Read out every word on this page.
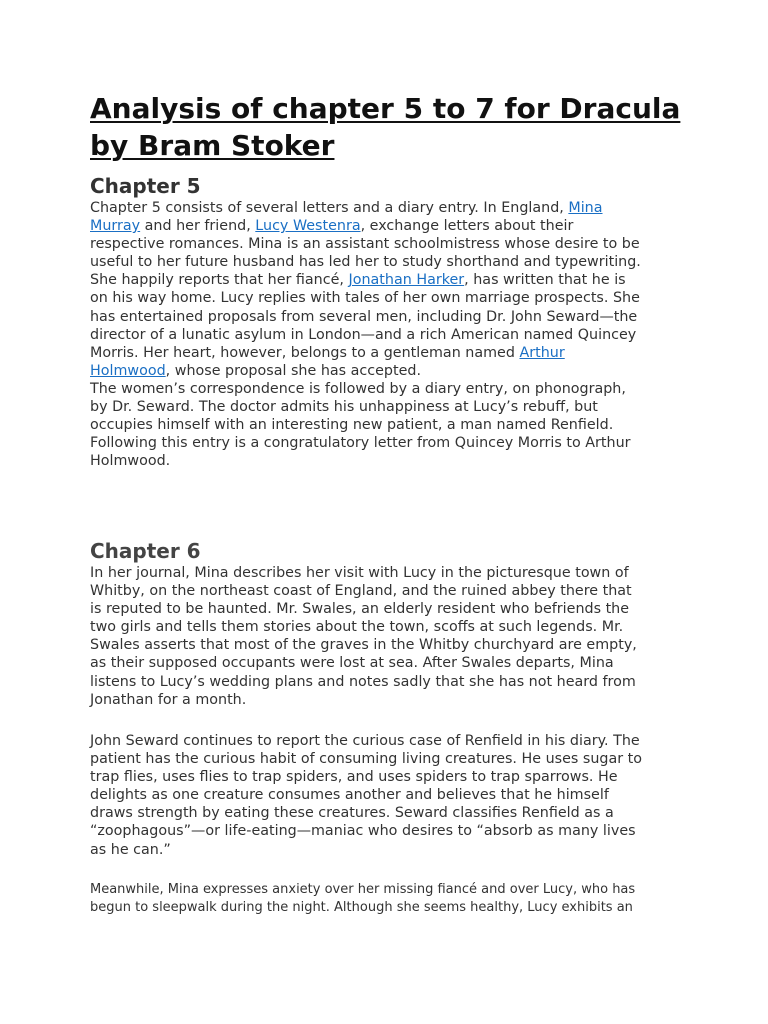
Analysis of chapter 5 to 7 for Dracula
by Bram Stoker
Chapter 5

Chapter 5 consists of several letters and a diary entry. In England, Mina
Murray and her friend, Lucy Westenra, exchange letters about their
respective romances. Mina is an assistant schoolmistress whose desire to be
useful to her future husband has led her to study shorthand and typewriting.
She happily reports that her fiancé, Jonathan Harker, has written that he is
on his way home. Lucy replies with tales of her own marriage prospects. She
has entertained proposals from several men, including Dr. John Seward—the
director of a lunatic asylum in London—and a rich American named Quincey
Morris. Her heart, however, belongs to a gentleman named Arthur
Holmwood, whose proposal she has accepted.

The women’s correspondence is followed by a diary entry, on phonograph,
by Dr. Seward. The doctor admits his unhappiness at Lucy’s rebuff, but
occupies himself with an interesting new patient, a man named Renfield.
Following this entry is a congratulatory letter from Quincey Morris to Arthur
Holmwood.

Chapter 6

In her journal, Mina describes her visit with Lucy in the picturesque town of
Whitby, on the northeast coast of England, and the ruined abbey there that
is reputed to be haunted. Mr. Swales, an elderly resident who befriends the
two girls and tells them stories about the town, scoffs at such legends. Mr.
Swales asserts that most of the graves in the Whitby churchyard are empty,
as their supposed occupants were lost at sea. After Swales departs, Mina
listens to Lucy’s wedding plans and notes sadly that she has not heard from
Jonathan for a month.

John Seward continues to report the curious case of Renfield in his diary. The
patient has the curious habit of consuming living creatures. He uses sugar to
trap flies, uses flies to trap spiders, and uses spiders to trap sparrows. He
delights as one creature consumes another and believes that he himself
draws strength by eating these creatures. Seward classifies Renfield as a
“zoophagous”—or life-eating—maniac who desires to “absorb as many lives
as he can.”

Meanwhile, Mina expresses anxiety over her missing fiancé and over Lucy, who has
begun to sleepwalk during the night. Although she seems healthy, Lucy exhibits an
